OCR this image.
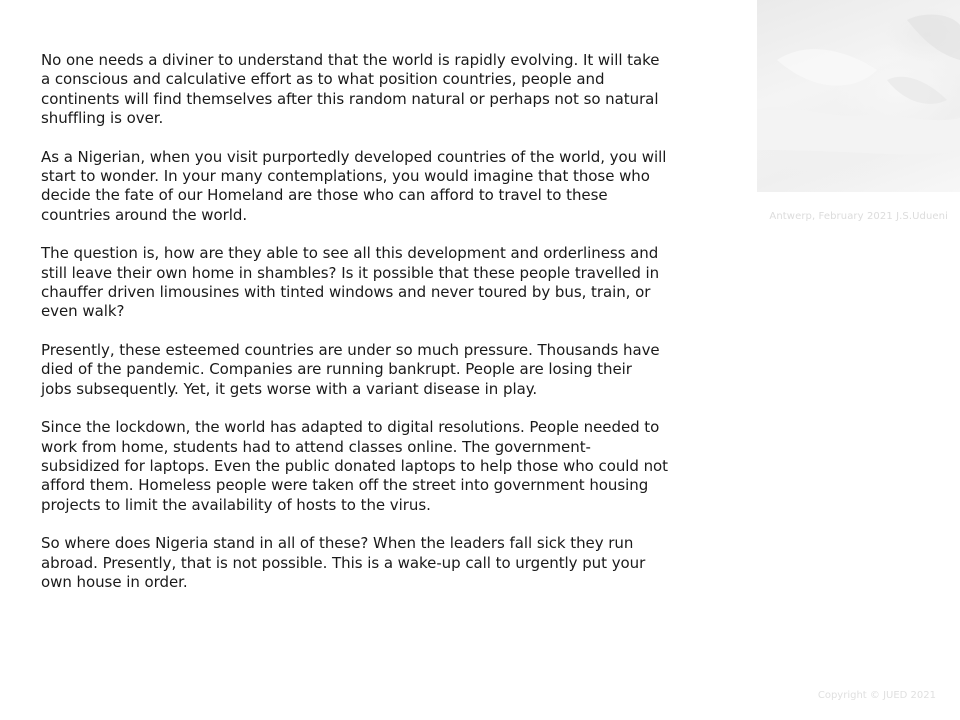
Antwerp, February 2021 J.S.Udueni

No one needs a diviner to understand that the world is rapidly evolving. It will take
a conscious and calculative effort as to what position countries, people and
continents will find themselves after this random natural or perhaps not so natural
shuffling is over.

As a Nigerian, when you visit purportedly developed countries of the world, you will
start to wonder. In your many contemplations, you would imagine that those who
decide the fate of our Homeland are those who can afford to travel to these
countries around the world.

The question is, how are they able to see all this development and orderliness and
still leave their own home in shambles? Is it possible that these people travelled in
chauffer driven limousines with tinted windows and never toured by bus, train, or
even walk?

Presently, these esteemed countries are under so much pressure. Thousands have
died of the pandemic. Companies are running bankrupt. People are losing their
jobs subsequently. Yet, it gets worse with a variant disease in play.

Since the lockdown, the world has adapted to digital resolutions. People needed to
work from home, students had to attend classes online. The government-
subsidized for laptops. Even the public donated laptops to help those who could not
afford them. Homeless people were taken off the street into government housing
projects to limit the availability of hosts to the virus.

So where does Nigeria stand in all of these? When the leaders fall sick they run
abroad. Presently, that is not possible. This is a wake-up call to urgently put your
own house in order.

Copyright © JUED 2021
